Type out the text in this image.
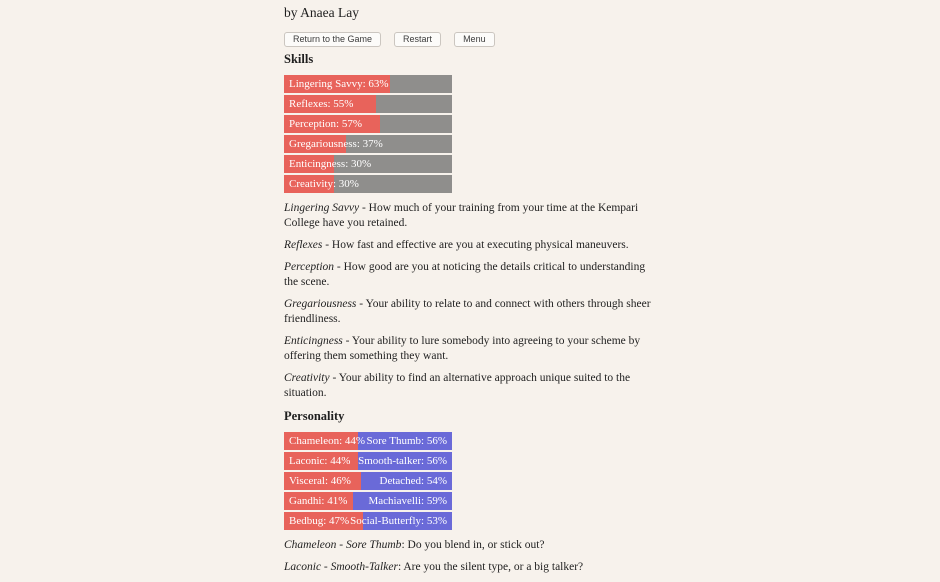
by Anaea Lay
Return to the Game	Restart	Menu
Skills
Lingering Savvy: 63%
Reflexes: 55%
Perception: 57%
Gregariousness: 37%
Enticingness: 30%
Creativity: 30%

Lingering Savvy - How much of your training from your time at the Kempari College have you retained.

Reflexes - How fast and effective are you at executing physical maneuvers.

Perception - How good are you at noticing the details critical to understanding the scene.

Gregariousness - Your ability to relate to and connect with others through sheer friendliness.

Enticingness - Your ability to lure somebody into agreeing to your scheme by offering them something they want.

Creativity - Your ability to find an alternative approach unique suited to the situation.

Personality
Chameleon: 44% Sore Thumb: 56%
Laconic: 44% Smooth-talker: 56%
Visceral: 46%	Detached: 54%
Gandhi: 41% Machiavelli: 59%
Bedbug: 47% Social-Butterfly: 53%

Chameleon - Sore Thumb: Do you blend in, or stick out?

Laconic - Smooth-Talker: Are you the silent type, or a big talker?
